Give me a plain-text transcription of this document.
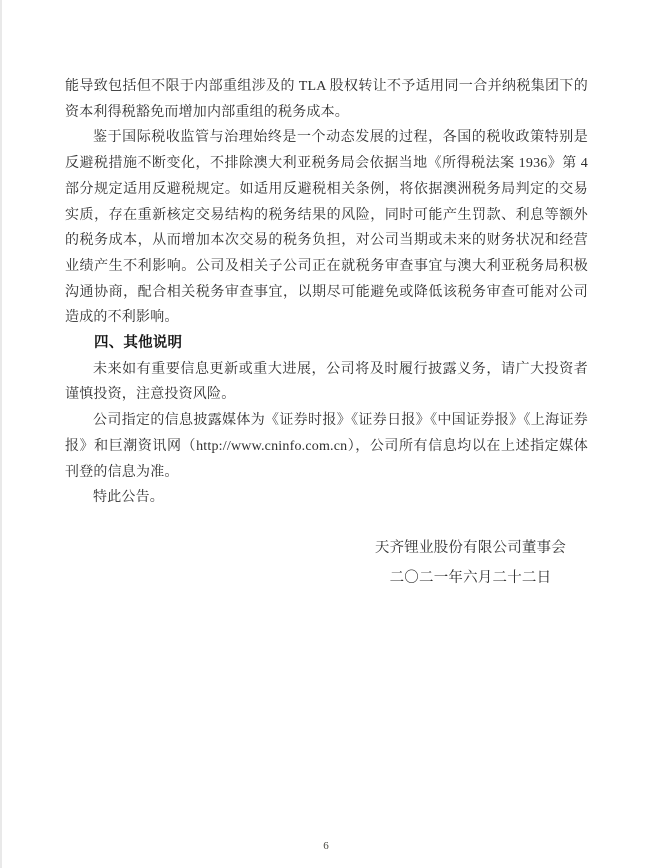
能导致包括但不限于内部重组涉及的 TLA 股权转让不予适用同一合并纳税集团下的资本利得税豁免而增加内部重组的税务成本。

鉴于国际税收监管与治理始终是一个动态发展的过程，各国的税收政策特别是反避税措施不断变化，不排除澳大利亚税务局会依据当地《所得税法案 1936》第 4 部分规定适用反避税规定。如适用反避税相关条例，将依据澳洲税务局判定的交易实质，存在重新核定交易结构的税务结果的风险，同时可能产生罚款、利息等额外的税务成本，从而增加本次交易的税务负担，对公司当期或未来的财务状况和经营业绩产生不利影响。公司及相关子公司正在就税务审查事宜与澳大利亚税务局积极沟通协商，配合相关税务审查事宜，以期尽可能避免或降低该税务审查可能对公司造成的不利影响。

四、其他说明

未来如有重要信息更新或重大进展，公司将及时履行披露义务，请广大投资者谨慎投资，注意投资风险。

公司指定的信息披露媒体为《证券时报》《证券日报》《中国证券报》《上海证券报》和巨潮资讯网（http://www.cninfo.com.cn），公司所有信息均以在上述指定媒体刊登的信息为准。

特此公告。

天齐锂业股份有限公司董事会
二〇二一年六月二十二日
6
